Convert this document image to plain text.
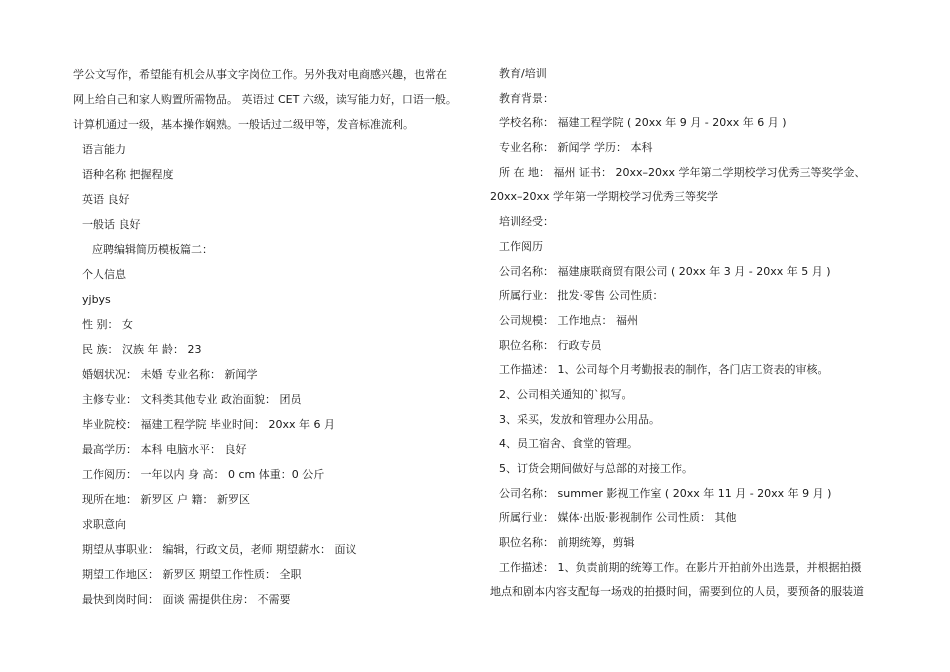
学公文写作，希望能有机会从事文字岗位工作。另外我对电商感兴趣，也常在
网上给自己和家人购置所需物品。 英语过 CET 六级，读写能力好，口语一般。
计算机通过一级，基本操作娴熟。一般话过二级甲等，发音标准流利。
语言能力
语种名称 把握程度
英语 良好
一般话 良好
应聘编辑简历模板篇二：
个人信息
yjbys
性 别： 女
民 族： 汉族 年 龄： 23
婚姻状况： 未婚 专业名称： 新闻学
主修专业： 文科类其他专业 政治面貌： 团员
毕业院校： 福建工程学院 毕业时间： 20xx 年 6 月
最高学历： 本科 电脑水平： 良好
工作阅历： 一年以内 身 高： 0 cm 体重：0 公斤
现所在地： 新罗区 户 籍： 新罗区
求职意向
期望从事职业： 编辑，行政文员，老师 期望薪水： 面议
期望工作地区： 新罗区 期望工作性质： 全职
最快到岗时间： 面谈 需提供住房： 不需要
教育/培训
教育背景：
学校名称： 福建工程学院 ( 20xx 年 9 月 - 20xx 年 6 月 )
专业名称： 新闻学 学历： 本科
所 在 地： 福州 证书： 20xx–20xx 学年第二学期校学习优秀三等奖学金、
20xx–20xx 学年第一学期校学习优秀三等奖学
培训经受：
工作阅历
公司名称： 福建康联商贸有限公司 ( 20xx 年 3 月 - 20xx 年 5 月 )
所属行业： 批发·零售 公司性质：
公司规模： 工作地点： 福州
职位名称： 行政专员
工作描述： 1、公司每个月考勤报表的制作，各门店工资表的审核。
2、公司相关通知的`拟写。
3、采买，发放和管理办公用品。
4、员工宿舍、食堂的管理。
5、订货会期间做好与总部的对接工作。
公司名称： summer 影视工作室 ( 20xx 年 11 月 - 20xx 年 9 月 )
所属行业： 媒体·出版·影视制作 公司性质： 其他
职位名称： 前期统筹，剪辑
工作描述： 1、负责前期的统筹工作。在影片开拍前外出选景，并根据拍摄
地点和剧本内容支配每一场戏的拍摄时间，需要到位的人员，要预备的服装道
